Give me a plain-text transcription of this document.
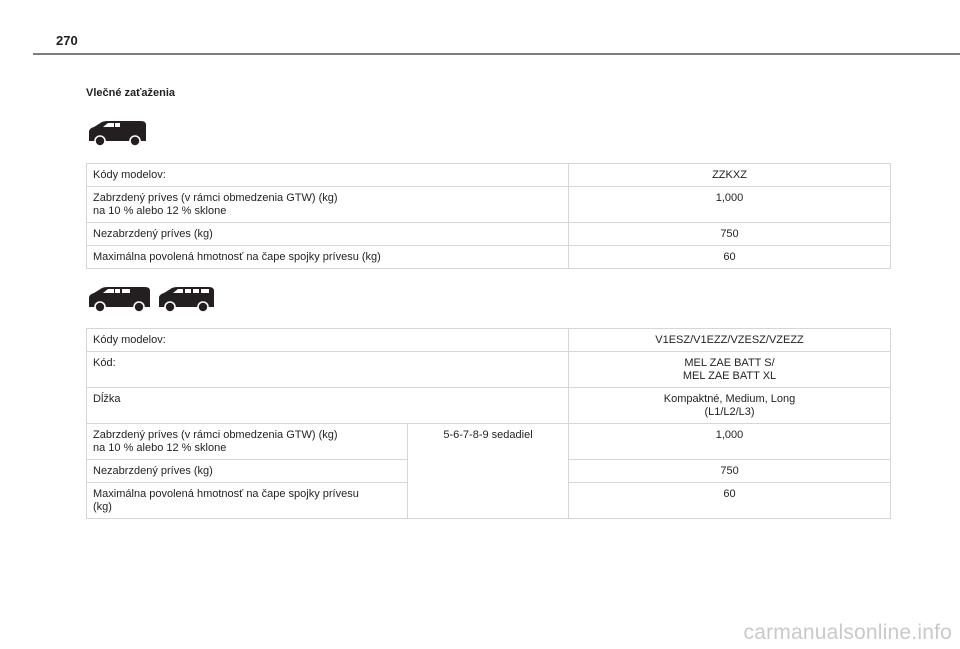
270
Vlečné zaťaženia
Kódy modelov:	ZZKXZ
Zabrzdený príves (v rámci obmedzenia GTW) (kg)
na 10 % alebo 12 % sklone	1,000
Nezabrzdený príves (kg)	750
Maximálna povolená hmotnosť na čape spojky prívesu (kg)	60
Kódy modelov:		V1ESZ/V1EZZ/VZESZ/VZEZZ
Kód:		MEL ZAE BATT S/
MEL ZAE BATT XL
Dĺžka		Kompaktné, Medium, Long
(L1/L2/L3)
Zabrzdený príves (v rámci obmedzenia GTW) (kg)
na 10 % alebo 12 % sklone	5-6-7-8-9 sedadiel	1,000
Nezabrzdený príves (kg)		750
Maximálna povolená hmotnosť na čape spojky prívesu
(kg)		60
carmanualsonline.info
